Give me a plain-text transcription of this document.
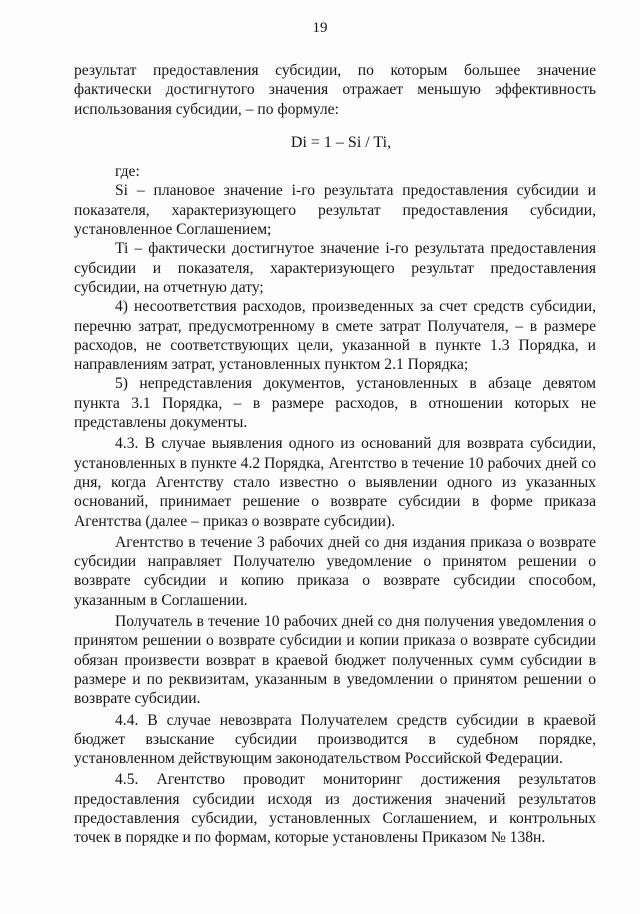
19

результат предоставления субсидии, по которым большее значение фактически достигнутого значения отражает меньшую эффективность использования субсидии, – по формуле:

Di = 1 – Si / Ti,

где:

Si – плановое значение i-го результата предоставления субсидии и показателя, характеризующего результат предоставления субсидии, установленное Соглашением;

Ti – фактически достигнутое значение i-го результата предоставления субсидии и показателя, характеризующего результат предоставления субсидии, на отчетную дату;

4) несоответствия расходов, произведенных за счет средств субсидии, перечню затрат, предусмотренному в смете затрат Получателя, – в размере расходов, не соответствующих цели, указанной в пункте 1.3 Порядка, и направлениям затрат, установленных пунктом 2.1 Порядка;

5) непредставления документов, установленных в абзаце девятом пункта 3.1 Порядка, – в размере расходов, в отношении которых не представлены документы.

4.3. В случае выявления одного из оснований для возврата субсидии, установленных в пункте 4.2 Порядка, Агентство в течение 10 рабочих дней со дня, когда Агентству стало известно о выявлении одного из указанных оснований, принимает решение о возврате субсидии в форме приказа Агентства (далее – приказ о возврате субсидии).

Агентство в течение 3 рабочих дней со дня издания приказа о возврате субсидии направляет Получателю уведомление о принятом решении о возврате субсидии и копию приказа о возврате субсидии способом, указанным в Соглашении.

Получатель в течение 10 рабочих дней со дня получения уведомления о принятом решении о возврате субсидии и копии приказа о возврате субсидии обязан произвести возврат в краевой бюджет полученных сумм субсидии в размере и по реквизитам, указанным в уведомлении о принятом решении о возврате субсидии.

4.4. В случае невозврата Получателем средств субсидии в краевой бюджет взыскание субсидии производится в судебном порядке, установленном действующим законодательством Российской Федерации.

4.5. Агентство проводит мониторинг достижения результатов предоставления субсидии исходя из достижения значений результатов предоставления субсидии, установленных Соглашением, и контрольных точек в порядке и по формам, которые установлены Приказом № 138н.
